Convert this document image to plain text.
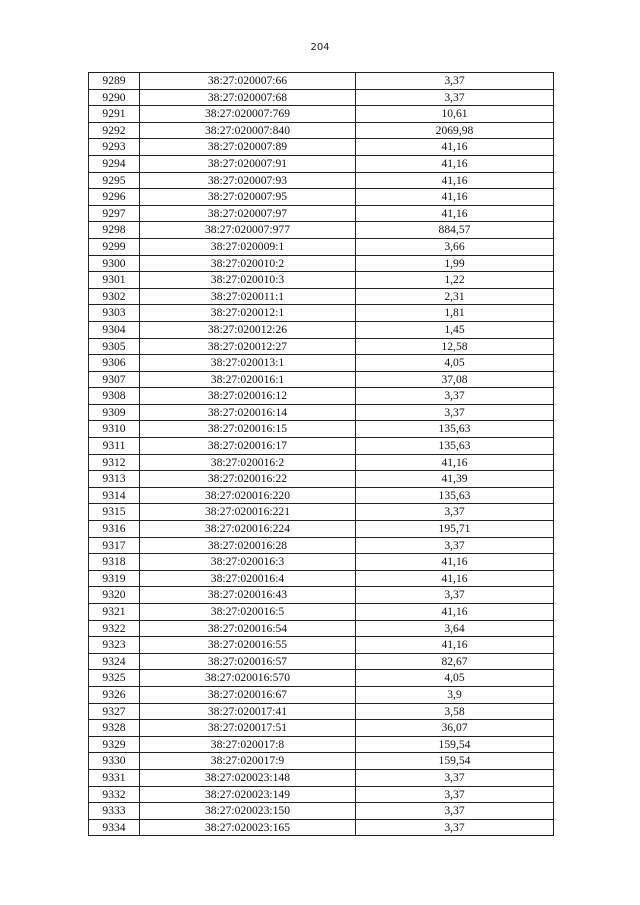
204
9289	38:27:020007:66	3,37
9290	38:27:020007:68	3,37
9291	38:27:020007:769	10,61
9292	38:27:020007:840	2069,98
9293	38:27:020007:89	41,16
9294	38:27:020007:91	41,16
9295	38:27:020007:93	41,16
9296	38:27:020007:95	41,16
9297	38:27:020007:97	41,16
9298	38:27:020007:977	884,57
9299	38:27:020009:1	3,66
9300	38:27:020010:2	1,99
9301	38:27:020010:3	1,22
9302	38:27:020011:1	2,31
9303	38:27:020012:1	1,81
9304	38:27:020012:26	1,45
9305	38:27:020012:27	12,58
9306	38:27:020013:1	4,05
9307	38:27:020016:1	37,08
9308	38:27:020016:12	3,37
9309	38:27:020016:14	3,37
9310	38:27:020016:15	135,63
9311	38:27:020016:17	135,63
9312	38:27:020016:2	41,16
9313	38:27:020016:22	41,39
9314	38:27:020016:220	135,63
9315	38:27:020016:221	3,37
9316	38:27:020016:224	195,71
9317	38:27:020016:28	3,37
9318	38:27:020016:3	41,16
9319	38:27:020016:4	41,16
9320	38:27:020016:43	3,37
9321	38:27:020016:5	41,16
9322	38:27:020016:54	3,64
9323	38:27:020016:55	41,16
9324	38:27:020016:57	82,67
9325	38:27:020016:570	4,05
9326	38:27:020016:67	3,9
9327	38:27:020017:41	3,58
9328	38:27:020017:51	36,07
9329	38:27:020017:8	159,54
9330	38:27:020017:9	159,54
9331	38:27:020023:148	3,37
9332	38:27:020023:149	3,37
9333	38:27:020023:150	3,37
9334	38:27:020023:165	3,37
